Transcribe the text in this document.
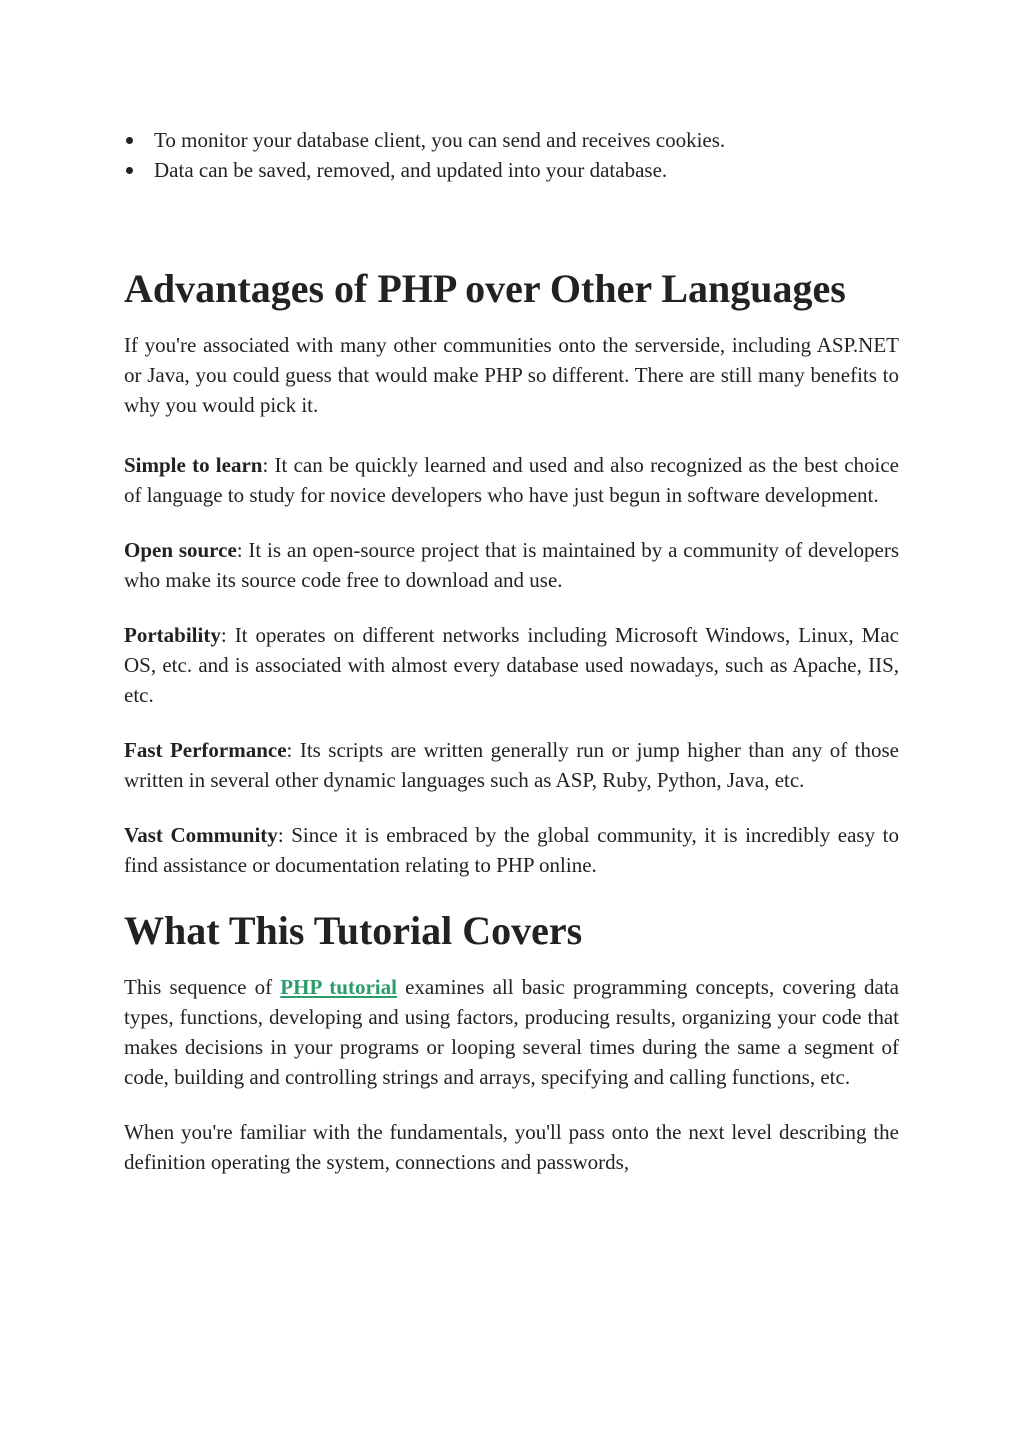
To monitor your database client, you can send and receives cookies.
Data can be saved, removed, and updated into your database.
Advantages of PHP over Other Languages

If you're associated with many other communities onto the serverside, including ASP.NET or Java, you could guess that would make PHP so different. There are still many benefits to why you would pick it.

Simple to learn: It can be quickly learned and used and also recognized as the best choice of language to study for novice developers who have just begun in software development.

Open source: It is an open-source project that is maintained by a community of developers who make its source code free to download and use.

Portability: It operates on different networks including Microsoft Windows, Linux, Mac OS, etc. and is associated with almost every database used nowadays, such as Apache, IIS, etc.

Fast Performance: Its scripts are written generally run or jump higher than any of those written in several other dynamic languages such as ASP, Ruby, Python, Java, etc.

Vast Community: Since it is embraced by the global community, it is incredibly easy to find assistance or documentation relating to PHP online.

What This Tutorial Covers

This sequence of PHP tutorial examines all basic programming concepts, covering data types, functions, developing and using factors, producing results, organizing your code that makes decisions in your programs or looping several times during the same a segment of code, building and controlling strings and arrays, specifying and calling functions, etc.

When you're familiar with the fundamentals, you'll pass onto the next level describing the definition operating the system, connections and passwords,
